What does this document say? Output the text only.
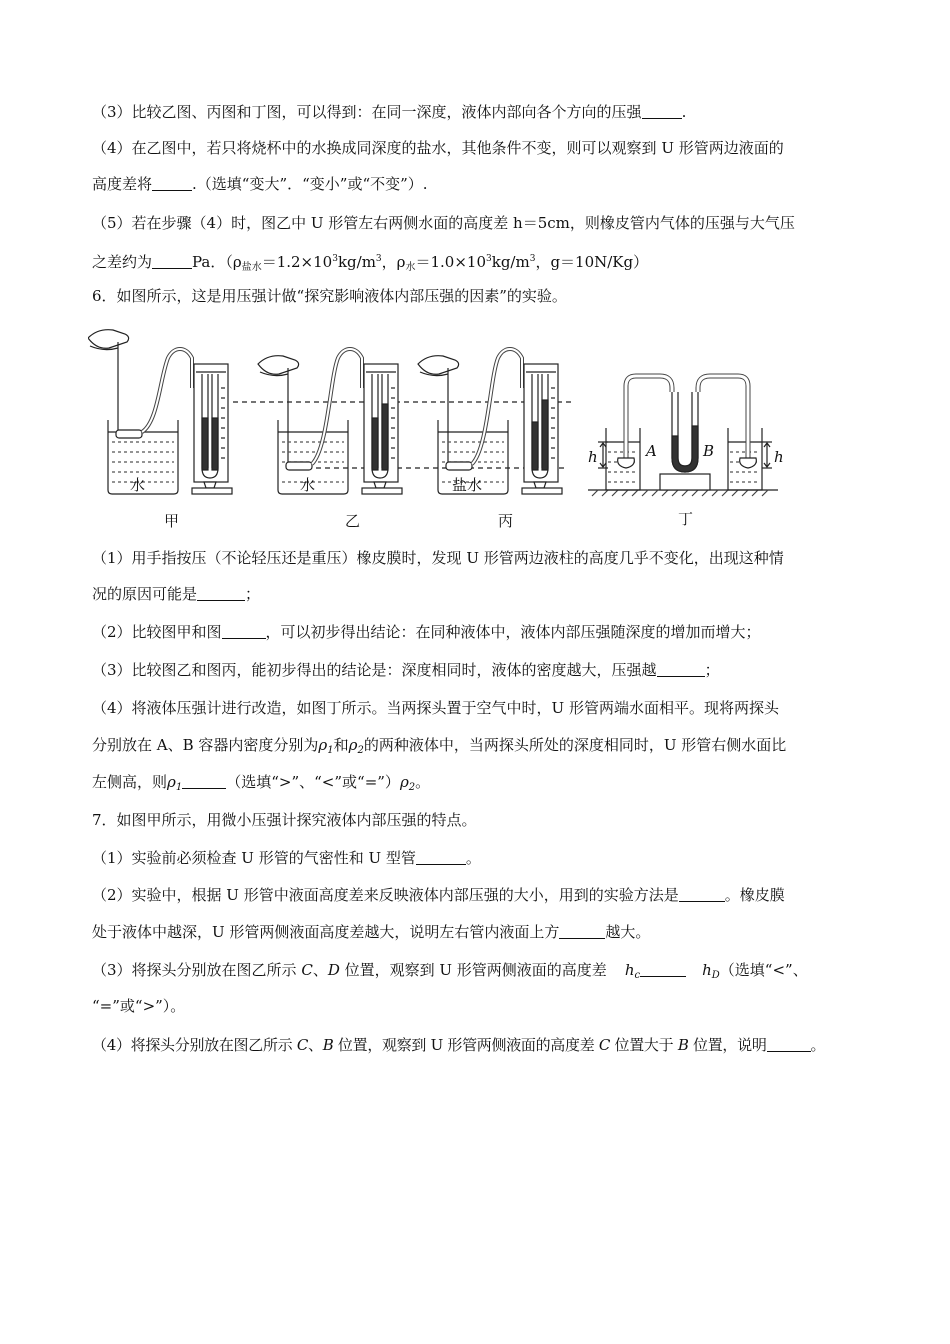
（3）比较乙图、丙图和丁图，可以得到：在同一深度，液体内部向各个方向的压强	.
（4）在乙图中，若只将烧杯中的水换成同深度的盐水，其他条件不变，则可以观察到 U 形管两边液面的
高度差将	.（选填“变大”．“变小”或“不变”）.
（5）若在步骤（4）时，图乙中 U 形管左右两侧水面的高度差 h＝5cm，则橡皮管内气体的压强与大气压
之差约为	Pa．（$\rho_{盐水}=1.2\times 10^3kg/m^3$，$\rho_水=1.0\times 10^3kg/m^3$，g＝10N/Kg）
6．如图所示，这是用压强计做“探究影响液体内部压强的因素”的实验。
水	水	盐水
A	B
h	h
甲	乙	丙	丁
（1）用手指按压（不论轻压还是重压）橡皮膜时，发现 U 形管两边液柱的高度几乎不变化，出现这种情
况的原因可能是	；
（2）比较图甲和图	，可以初步得出结论：在同种液体中，液体内部压强随深度的增加而增大；
（3）比较图乙和图丙，能初步得出的结论是：深度相同时，液体的密度越大，压强越	；
（4）将液体压强计进行改造，如图丁所示。当两探头置于空气中时，U 形管两端水面相平。现将两探头
分别放在 A、B 容器内密度分别为$\rho_1$和$\rho_2$的两种液体中，当两探头所处的深度相同时，U 形管右侧水面比
左侧高，则$\rho_1$	（选填“>”、“<”或“$=”)\rho_2$。
7．如图甲所示，用微小压强计探究液体内部压强的特点。
（1）实验前必须检查 U 形管的气密性和 U 型管	。
（2）实验中，根据 U 形管中液面高度差来反映液体内部压强的大小，用到的实验方法是	。橡皮膜
处于液体中越深，U 形管两侧液面高度差越大，说明左右管内液面上方	越大。
（3）将探头分别放在图乙所示 C、D 位置，观察到 U 形管两侧液面的高度差 $h_c$	$h_D$（选填“<”、
“=”或“>”）。
（4）将探头分别放在图乙所示 C、B 位置，观察到 U 形管两侧液面的高度差 C 位置大于 B 位置，说明	。
